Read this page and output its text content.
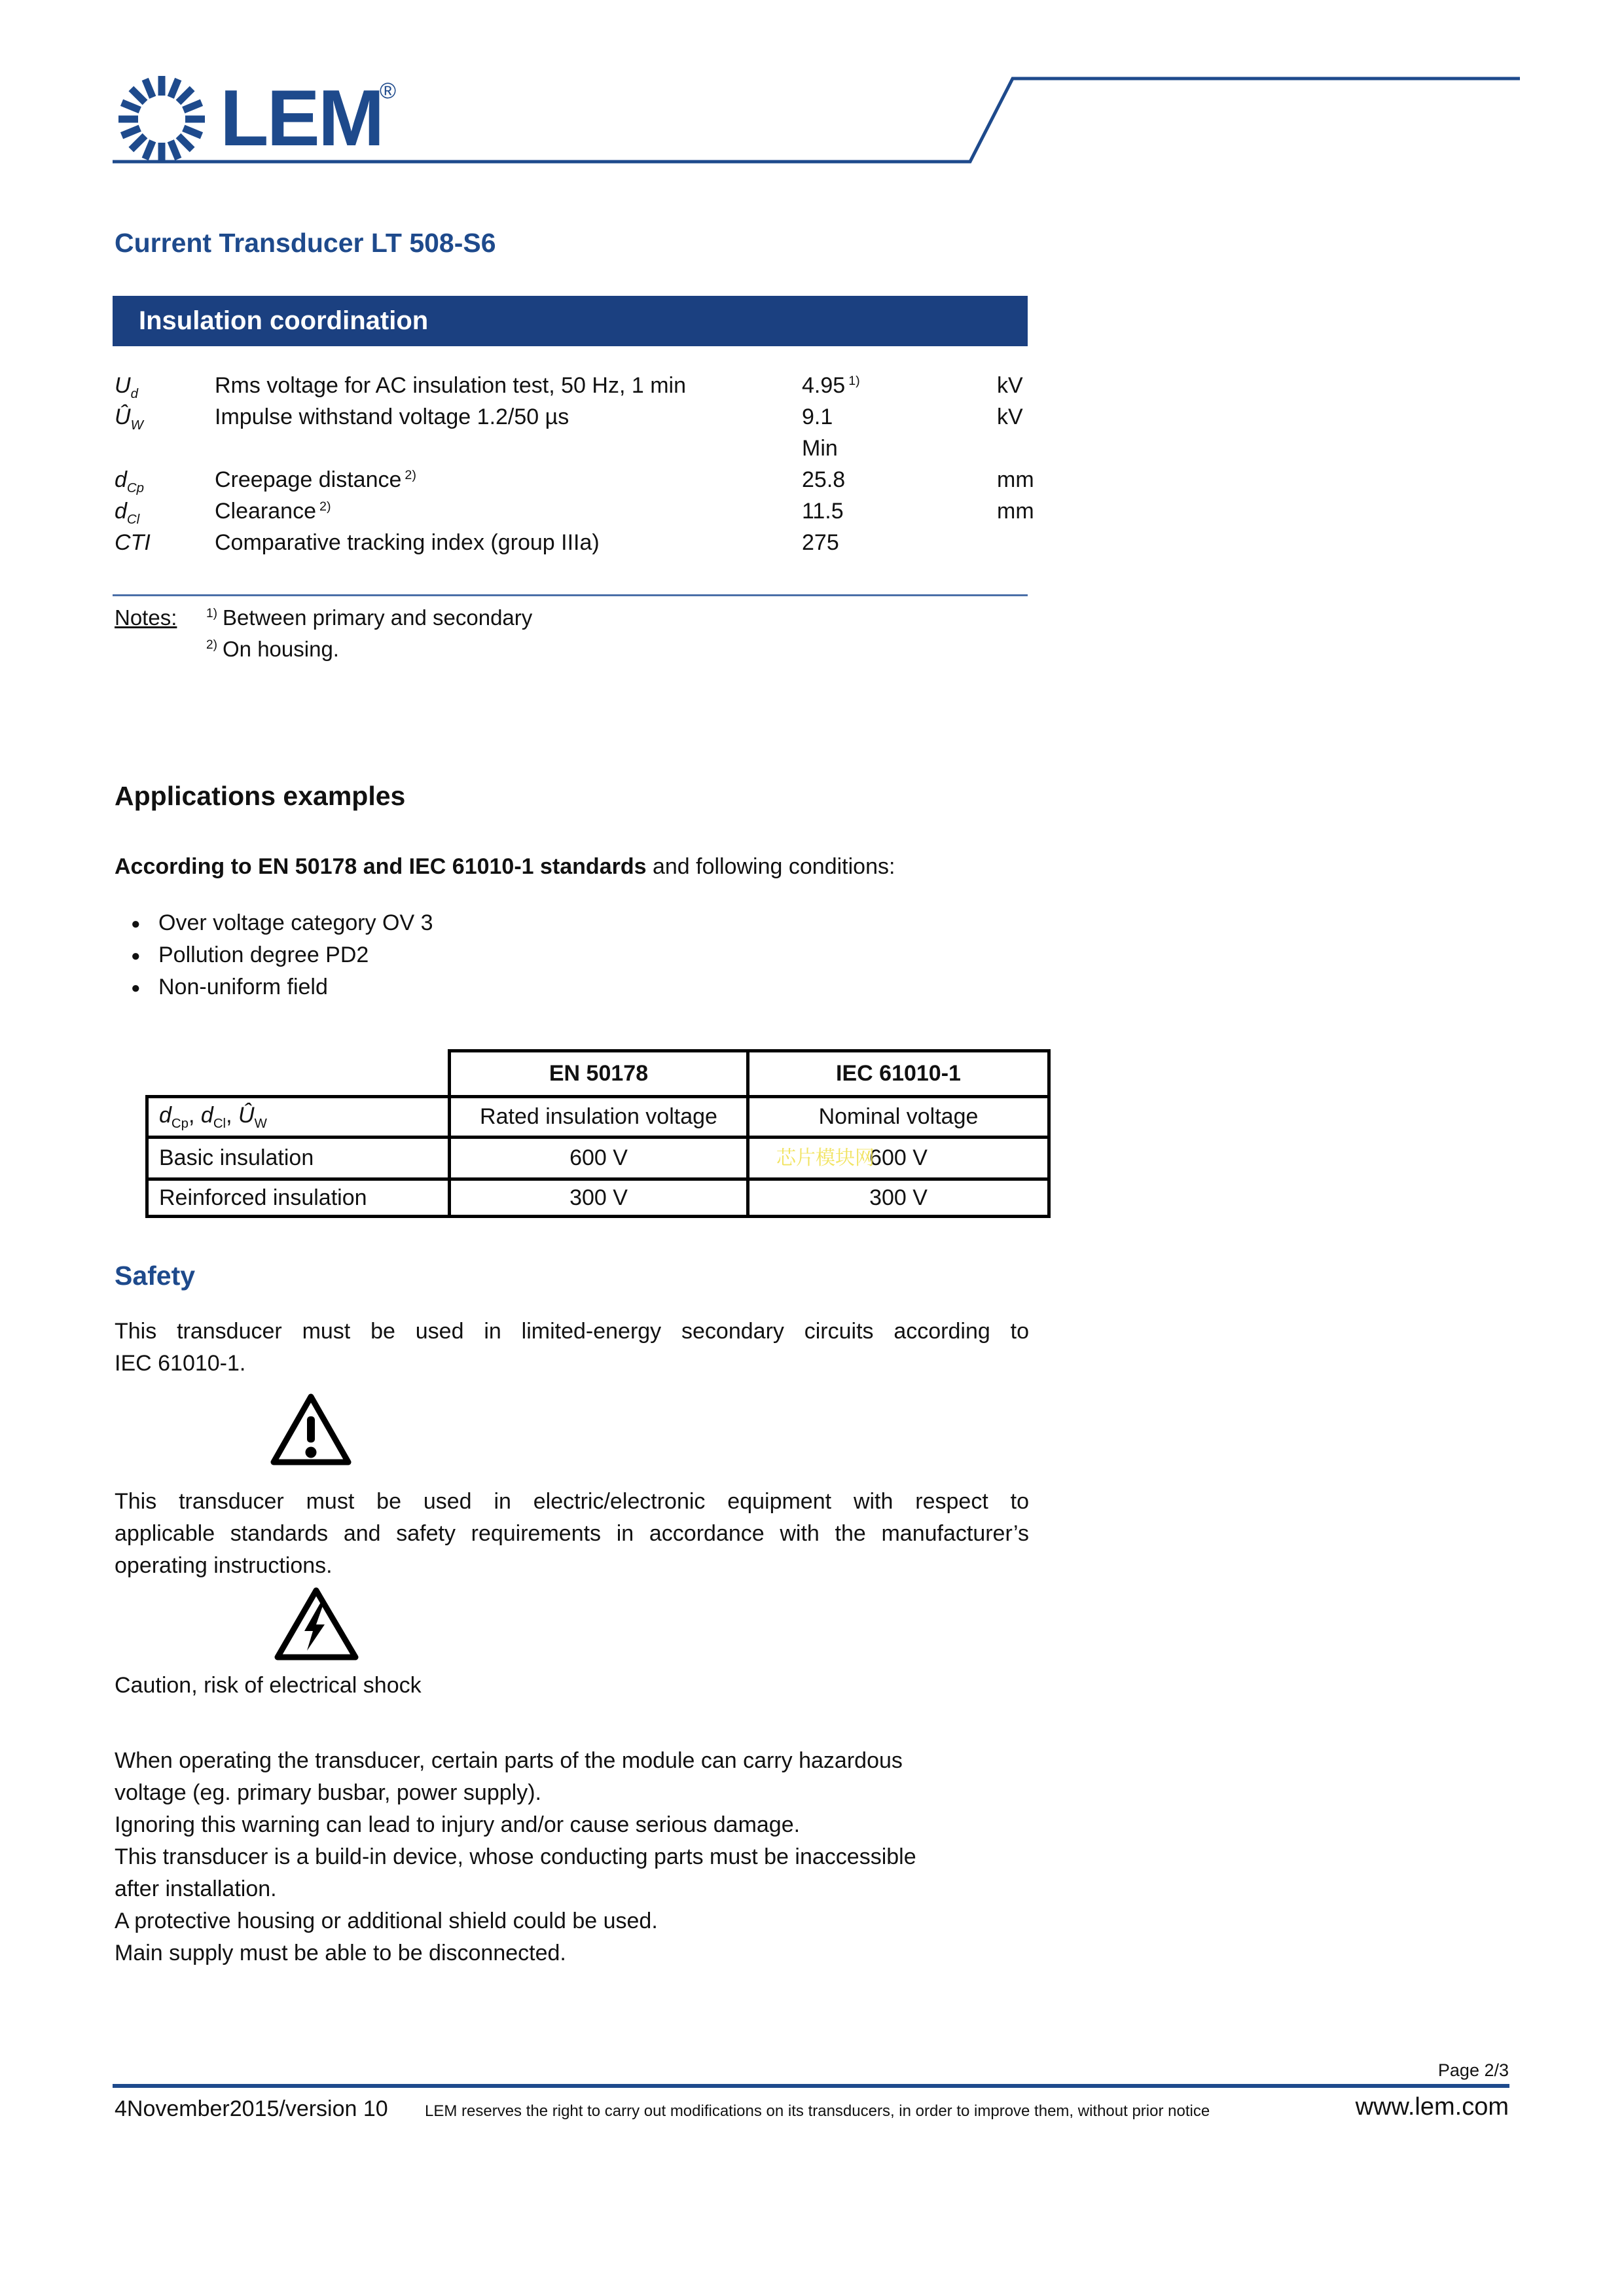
LEM
®
Current Transducer LT 508-S6
Insulation coordination
$U_d$	Rms voltage for AC insulation test, 50 Hz, 1 min	4.95 $^{1)}$	kV
$Û_W$	Impulse withstand voltage 1.2/50 µs	9.1	kV
Min
$d_{Cp}$	Creepage distance $^{2)}$	25.8	mm
$d_{Cl}$	Clearance $^{2)}$	11.5	mm
CTI	Comparative tracking index (group IIIa)	275
Notes: $^{1)}$ Between primary and secondary
$^{2)}$ On housing.
Applications examples
According to EN 50178 and IEC 61010-1 standards and following conditions:
● Over voltage category OV 3
● Pollution degree PD2
● Non-uniform field
	EN 50178	IEC 61010-1
$d_{Cp}$, $d_{Cl}$, $Û_W$	Rated insulation voltage	Nominal voltage
Basic insulation	600 V	600 V
Reinforced insulation	300 V	300 V
芯片模块网
Safety
This transducer must be used in limited-energy secondary circuits according to
IEC 61010-1.
This transducer must be used in electric/electronic equipment with respect to
applicable standards and safety requirements in accordance with the manufacturer’s
operating instructions.
Caution, risk of electrical shock
When operating the transducer, certain parts of the module can carry hazardous
voltage (eg. primary busbar, power supply).
Ignoring this warning can lead to injury and/or cause serious damage.
This transducer is a build-in device, whose conducting parts must be inaccessible
after installation.
A protective housing or additional shield could be used.
Main supply must be able to be disconnected.
Page 2/3
4November2015/version 10 LEM reserves the right to carry out modifications on its transducers, in order to improve them, without prior notice	www.lem.com
